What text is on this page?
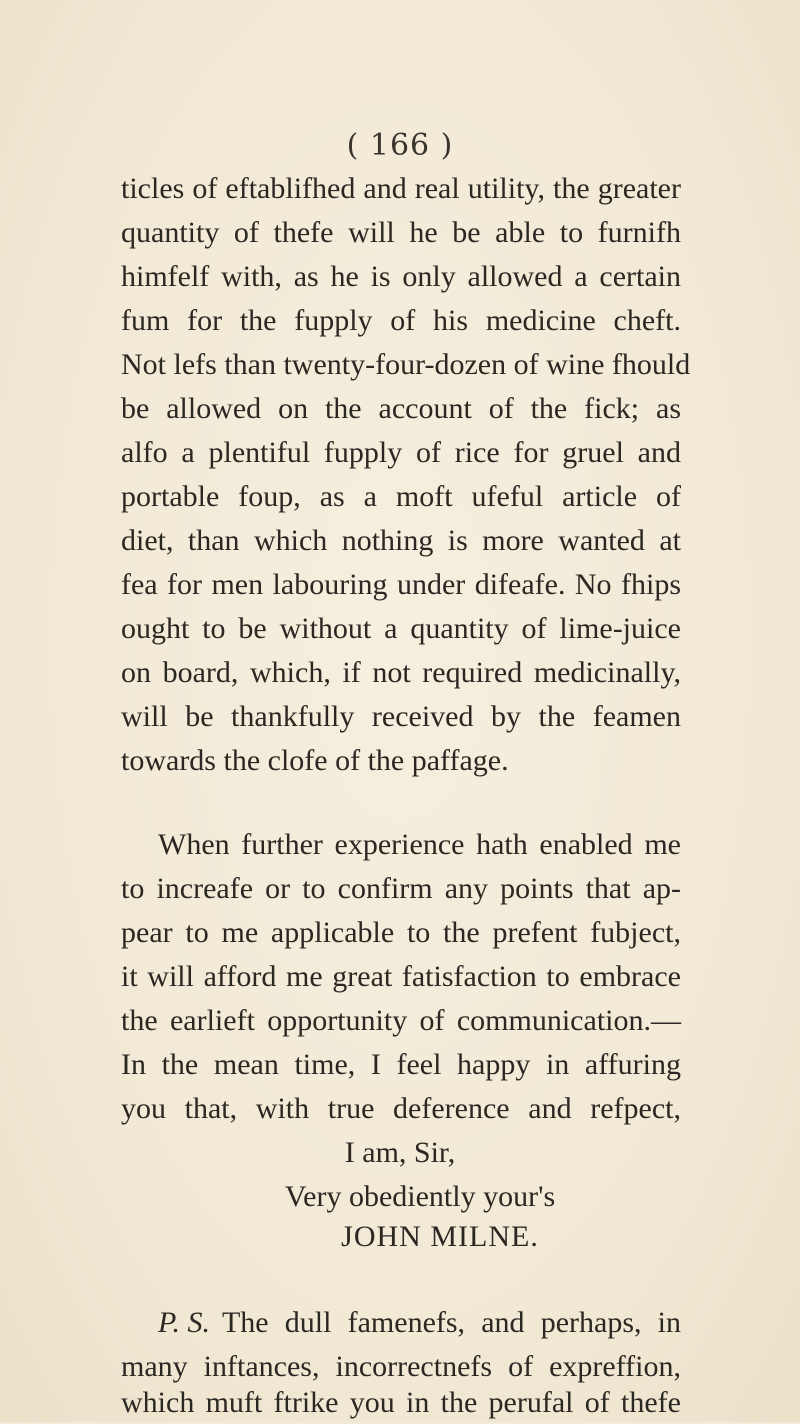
( 166 )
ticles of eftablifhed and real utility, the greater
quantity of thefe will he be able to furnifh
himfelf with, as he is only allowed a certain
fum for the fupply of his medicine cheft.
Not lefs than twenty-four-dozen of wine fhould
be allowed on the account of the fick; as
alfo a plentiful fupply of rice for gruel and
portable foup, as a moft ufeful article of
diet, than which nothing is more wanted at
fea for men labouring under difeafe. No fhips
ought to be without a quantity of lime-juice
on board, which, if not required medicinally,
will be thankfully received by the feamen
towards the clofe of the paffage.
When further experience hath enabled me
to increafe or to confirm any points that ap-
pear to me applicable to the prefent fubject,
it will afford me great fatisfaction to embrace
the earlieft opportunity of communication.—
In the mean time, I feel happy in affuring
you that, with true deference and refpect,
I am, Sir,
Very obediently your's
JOHN MILNE.
P. S. The dull famenefs, and perhaps, in
many inftances, incorrectnefs of expreffion,
which muft ftrike you in the perufal of thefe
